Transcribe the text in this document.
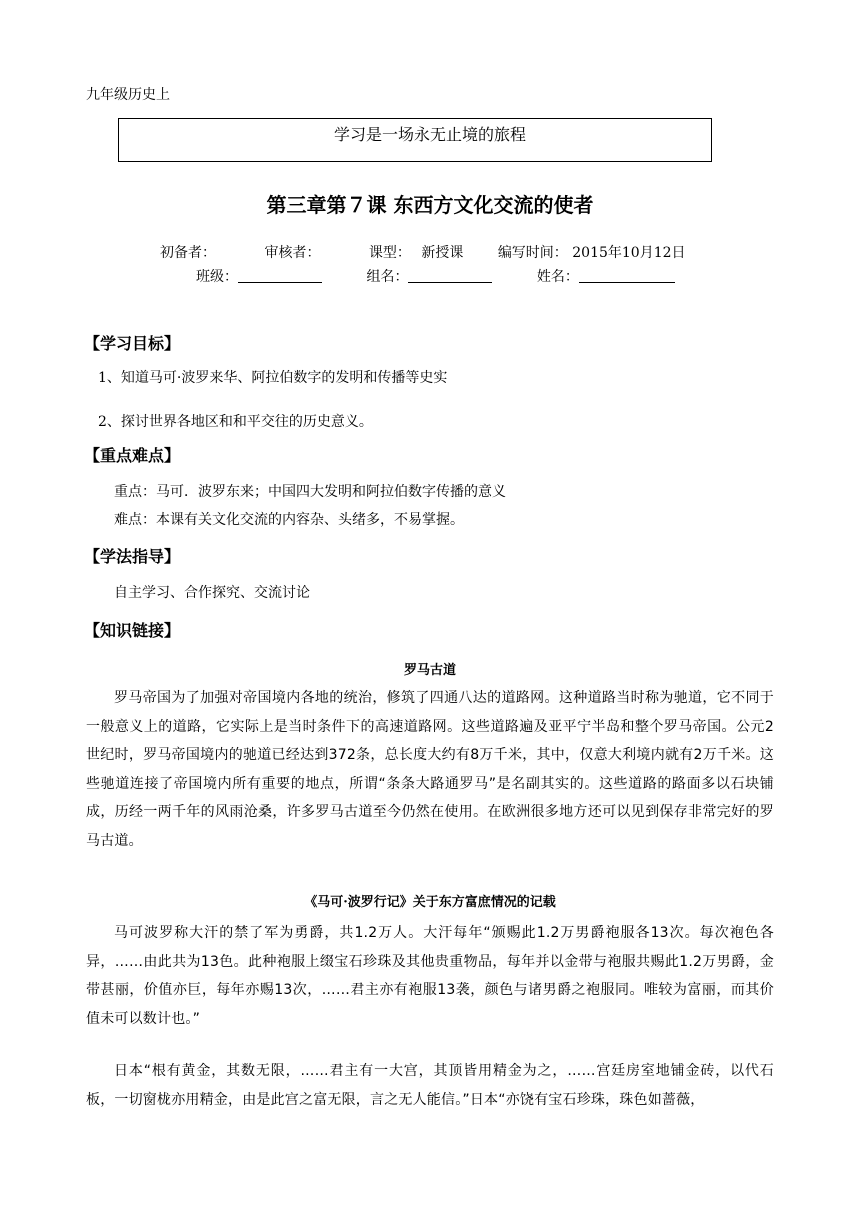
九年级历史上
学习是一场永无止境的旅程
第三章第７课 东西方文化交流的使者
初备者：	审核者：	课型： 新授课 编写时间： 2015年10月12日
班级：	组名：	姓名：
【学习目标】
1、知道马可·波罗来华、阿拉伯数字的发明和传播等史实
2、探讨世界各地区和和平交往的历史意义。
【重点难点】
重点：马可．波罗东来；中国四大发明和阿拉伯数字传播的意义
难点：本课有关文化交流的内容杂、头绪多，不易掌握。
【学法指导】
自主学习、合作探究、交流讨论
【知识链接】
罗马古道
罗马帝国为了加强对帝国境内各地的统治，修筑了四通八达的道路网。这种道路当时称为驰道，它不同于一般意义上的道路，它实际上是当时条件下的高速道路网。这些道路遍及亚平宁半岛和整个罗马帝国。公元2世纪时，罗马帝国境内的驰道已经达到372条，总长度大约有8万千米，其中，仅意大利境内就有2万千米。这些驰道连接了帝国境内所有重要的地点，所谓“条条大路通罗马”是名副其实的。这些道路的路面多以石块铺成，历经一两千年的风雨沧桑，许多罗马古道至今仍然在使用。在欧洲很多地方还可以见到保存非常完好的罗马古道。
《马可·波罗行记》关于东方富庶情况的记载
马可波罗称大汗的禁了军为勇爵，共1.2万人。大汗每年“颁赐此1.2万男爵袍服各13次。每次袍色各异，……由此共为13色。此种袍服上缀宝石珍珠及其他贵重物品，每年并以金带与袍服共赐此1.2万男爵，金带甚丽，价值亦巨，每年亦赐13次，……君主亦有袍服13袭，颜色与诸男爵之袍服同。唯较为富丽，而其价值未可以数计也。”
日本“根有黄金，其数无限，……君主有一大宫，其顶皆用精金为之，……宫廷房室地铺金砖，以代石板，一切窗栊亦用精金，由是此宫之富无限，言之无人能信。”日本“亦饶有宝石珍珠，珠色如蔷薇，
